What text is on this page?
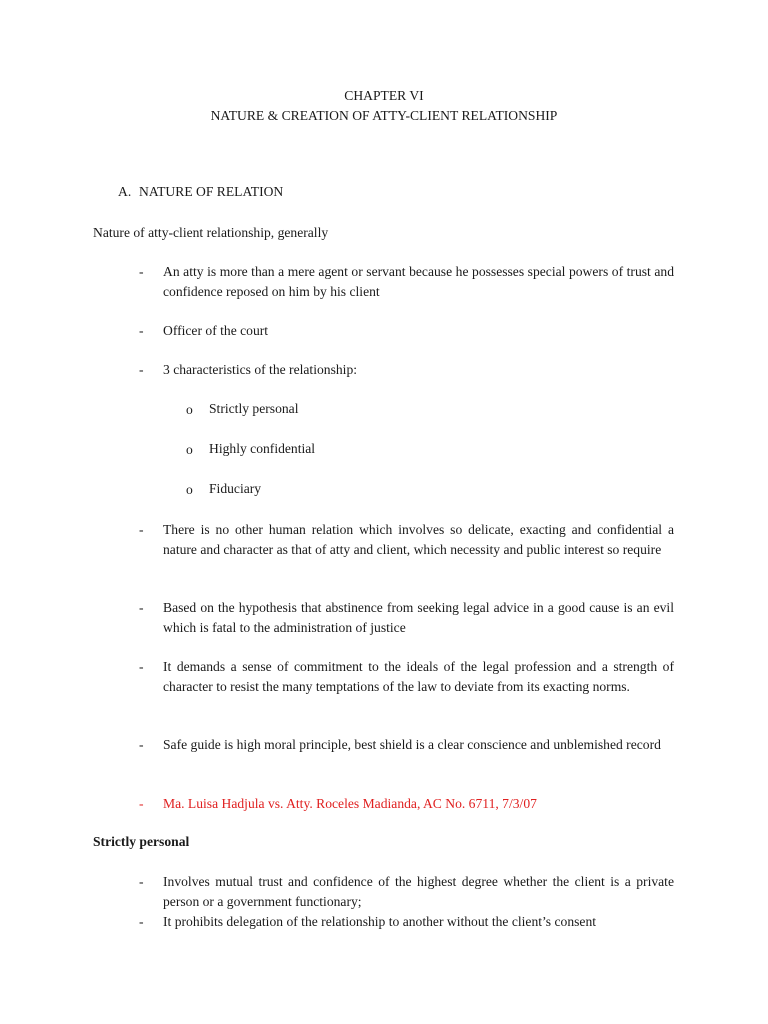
CHAPTER VI
NATURE & CREATION OF ATTY-CLIENT RELATIONSHIP
A. NATURE OF RELATION
Nature of atty-client relationship, generally
- An atty is more than a mere agent or servant because he possesses special powers of trust and confidence reposed on him by his client
- Officer of the court
- 3 characteristics of the relationship:
o Strictly personal
o Highly confidential
o Fiduciary
- There is no other human relation which involves so delicate, exacting and confidential a nature and character as that of atty and client, which necessity and public interest so require
- Based on the hypothesis that abstinence from seeking legal advice in a good cause is an evil which is fatal to the administration of justice
- It demands a sense of commitment to the ideals of the legal profession and a strength of character to resist the many temptations of the law to deviate from its exacting norms.
- Safe guide is high moral principle, best shield is a clear conscience and unblemished record
- Ma. Luisa Hadjula vs. Atty. Roceles Madianda, AC No. 6711, 7/3/07
Strictly personal
- Involves mutual trust and confidence of the highest degree whether the client is a private person or a government functionary;
- It prohibits delegation of the relationship to another without the client’s consent
